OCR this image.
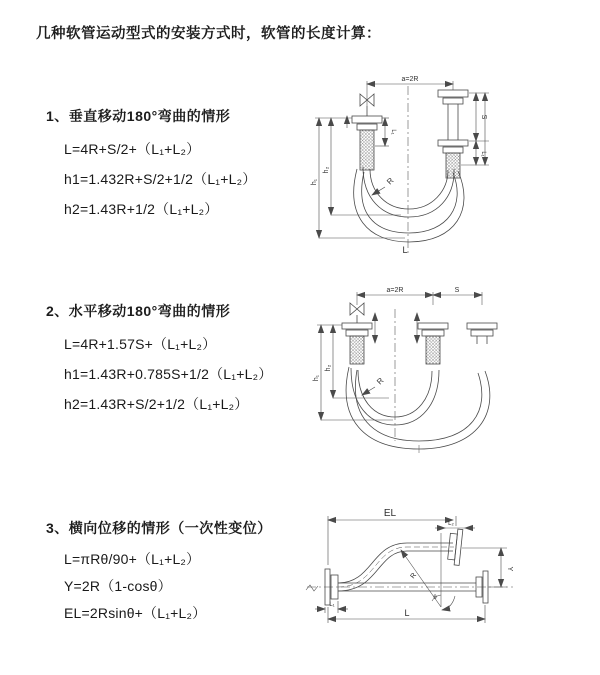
几种软管运动型式的安装方式时，软管的长度计算：
1、垂直移动180°弯曲的情形
L=4R+S/2+（L₁+L₂）
h1=1.432R+S/2+1/2（L₁+L₂）
h2=1.43R+1/2（L₁+L₂）
2、水平移动180°弯曲的情形
L=4R+1.57S+（L₁+L₂）
h1=1.43R+0.785S+1/2（L₁+L₂）
h2=1.43R+S/2+1/2（L₁+L₂）
3、横向位移的情形（一次性变位）
L=πRθ/90+（L₁+L₂）
Y=2R（1-cosθ）
EL=2Rsinθ+（L₁+L₂）
a=2R
S
L₁
L₁
h₁
h₂
R
L
a=2R	S
h₁
h₂
R
EL
L₂
Y
L
L₁
R
θ
